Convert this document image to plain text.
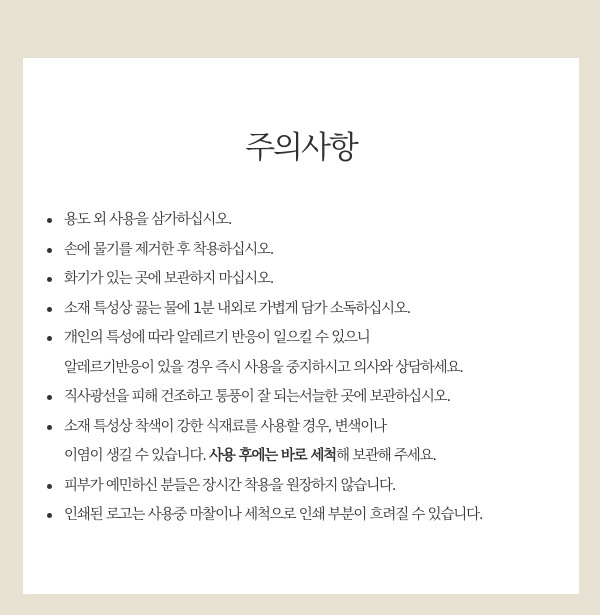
주의사항
용도 외 사용을 삼가하십시오.
손에 물기를 제거한 후 착용하십시오.
화기가 있는 곳에 보관하지 마십시오.
소재 특성상 끓는 물에 1분 내외로 가볍게 담가 소독하십시오.
개인의 특성에 따라 알레르기 반응이 일으킬 수 있으니
알레르기반응이 있을 경우 즉시 사용을 중지하시고 의사와 상담하세요.
직사광선을 피해 건조하고 통풍이 잘 되는서늘한 곳에 보관하십시오.
소재 특성상 착색이 강한 식재료를 사용할 경우, 변색이나
이염이 생길 수 있습니다. 사용 후에는 바로 세척해 보관해 주세요.
피부가 예민하신 분들은 장시간 착용을 원장하지 않습니다.
인쇄된 로고는 사용중 마찰이나 세척으로 인쇄 부분이 흐려질 수 있습니다.
